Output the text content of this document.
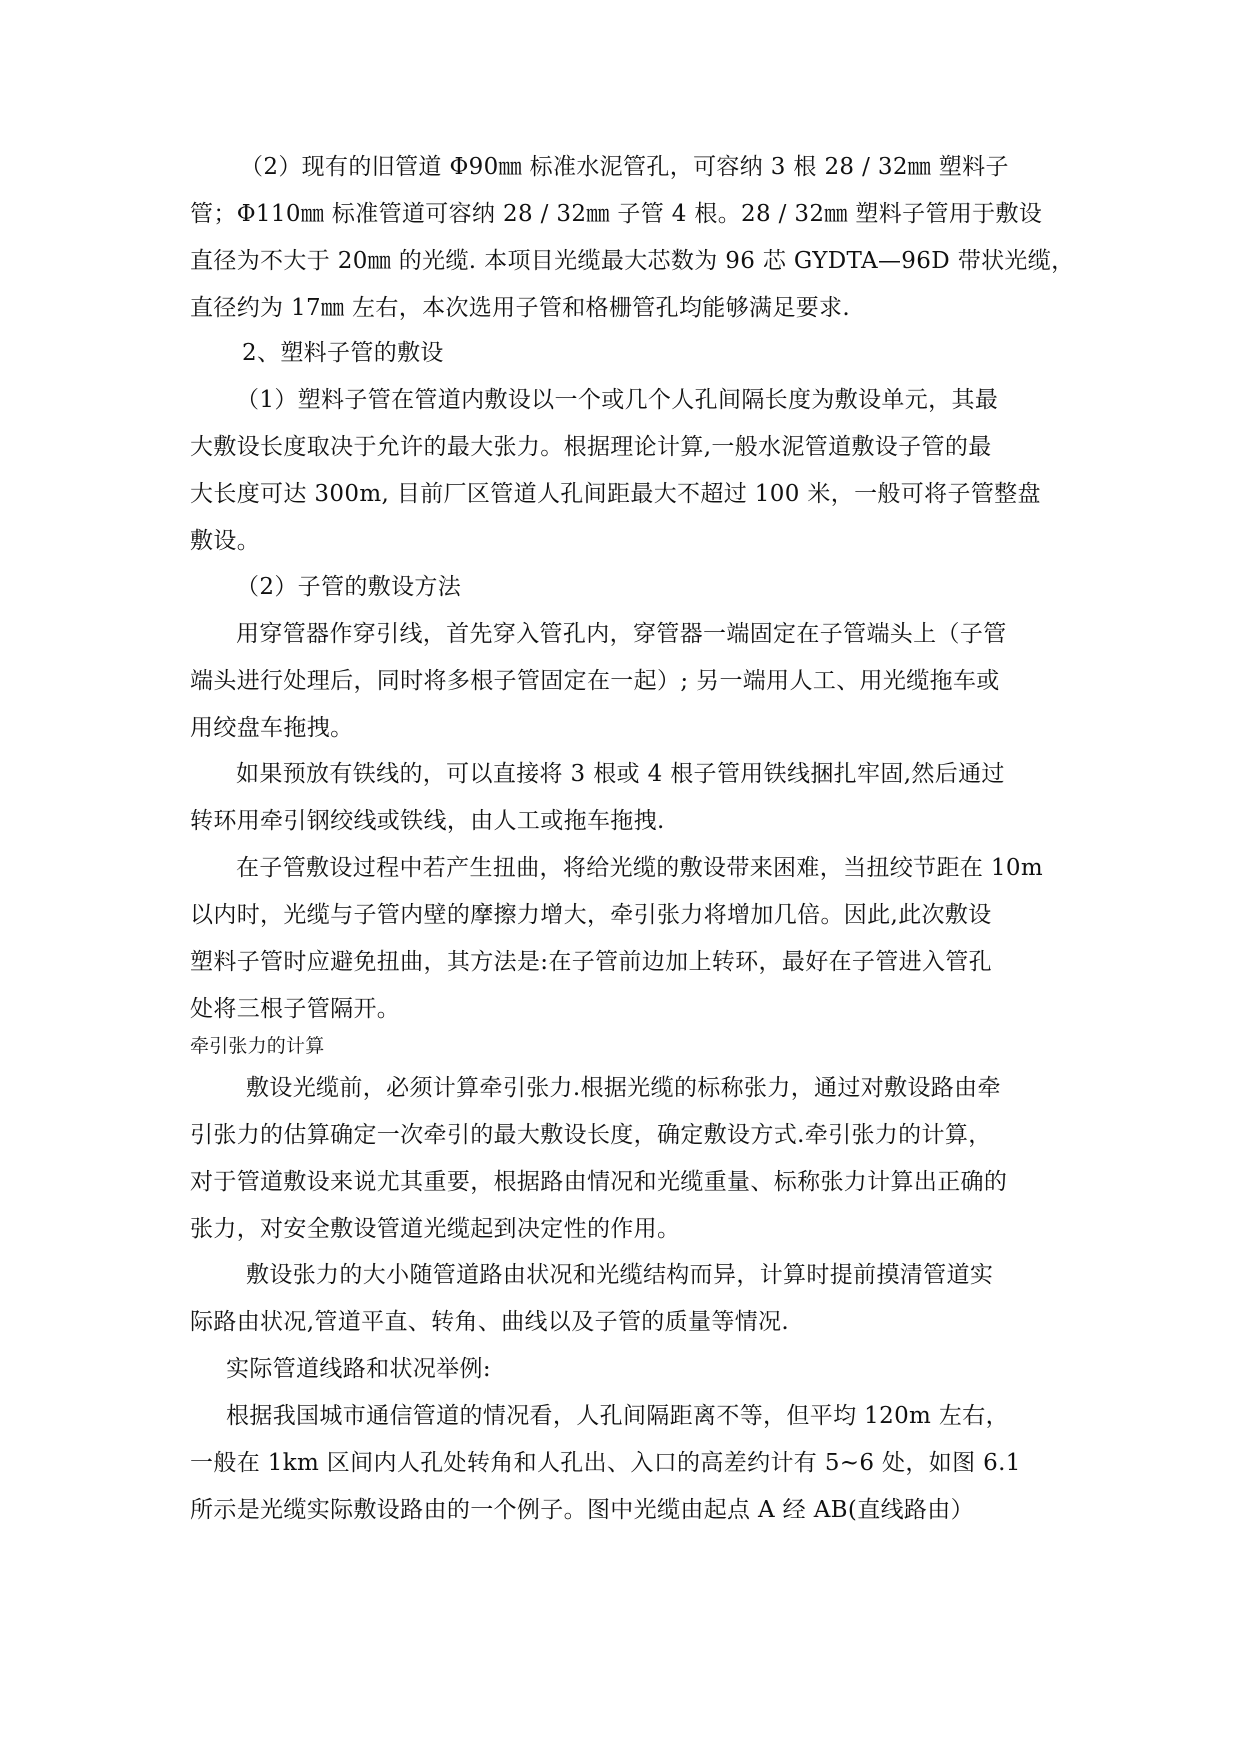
（2）现有的旧管道 Φ90㎜ 标准水泥管孔，可容纳 3 根 28 / 32㎜ 塑料子
管；Φ110㎜ 标准管道可容纳 28 / 32㎜ 子管 4 根。28 / 32㎜ 塑料子管用于敷设
直径为不大于 20㎜ 的光缆. 本项目光缆最大芯数为 96 芯 GYDTA—96D 带状光缆，
直径约为 17㎜ 左右，本次选用子管和格栅管孔均能够满足要求.
2、塑料子管的敷设
（1）塑料子管在管道内敷设以一个或几个人孔间隔长度为敷设单元，其最
大敷设长度取决于允许的最大张力。根据理论计算,一般水泥管道敷设子管的最
大长度可达 300m, 目前厂区管道人孔间距最大不超过 100 米，一般可将子管整盘
敷设。
（2）子管的敷设方法
用穿管器作穿引线，首先穿入管孔内，穿管器一端固定在子管端头上（子管
端头进行处理后，同时将多根子管固定在一起）; 另一端用人工、用光缆拖车或
用绞盘车拖拽。
如果预放有铁线的，可以直接将 3 根或 4 根子管用铁线捆扎牢固,然后通过
转环用牵引钢绞线或铁线，由人工或拖车拖拽.
在子管敷设过程中若产生扭曲，将给光缆的敷设带来困难，当扭绞节距在 10m
以内时，光缆与子管内壁的摩擦力增大，牵引张力将增加几倍。因此,此次敷设
塑料子管时应避免扭曲，其方法是:在子管前边加上转环，最好在子管进入管孔
处将三根子管隔开。
牵引张力的计算
敷设光缆前，必须计算牵引张力.根据光缆的标称张力，通过对敷设路由牵
引张力的估算确定一次牵引的最大敷设长度，确定敷设方式.牵引张力的计算，
对于管道敷设来说尤其重要，根据路由情况和光缆重量、标称张力计算出正确的
张力，对安全敷设管道光缆起到决定性的作用。
敷设张力的大小随管道路由状况和光缆结构而异，计算时提前摸清管道实
际路由状况,管道平直、转角、曲线以及子管的质量等情况.
实际管道线路和状况举例:
根据我国城市通信管道的情况看，人孔间隔距离不等，但平均 120m 左右，
一般在 1km 区间内人孔处转角和人孔出、入口的高差约计有 5~6 处，如图 6.1
所示是光缆实际敷设路由的一个例子。图中光缆由起点 A 经 AB(直线路由）
